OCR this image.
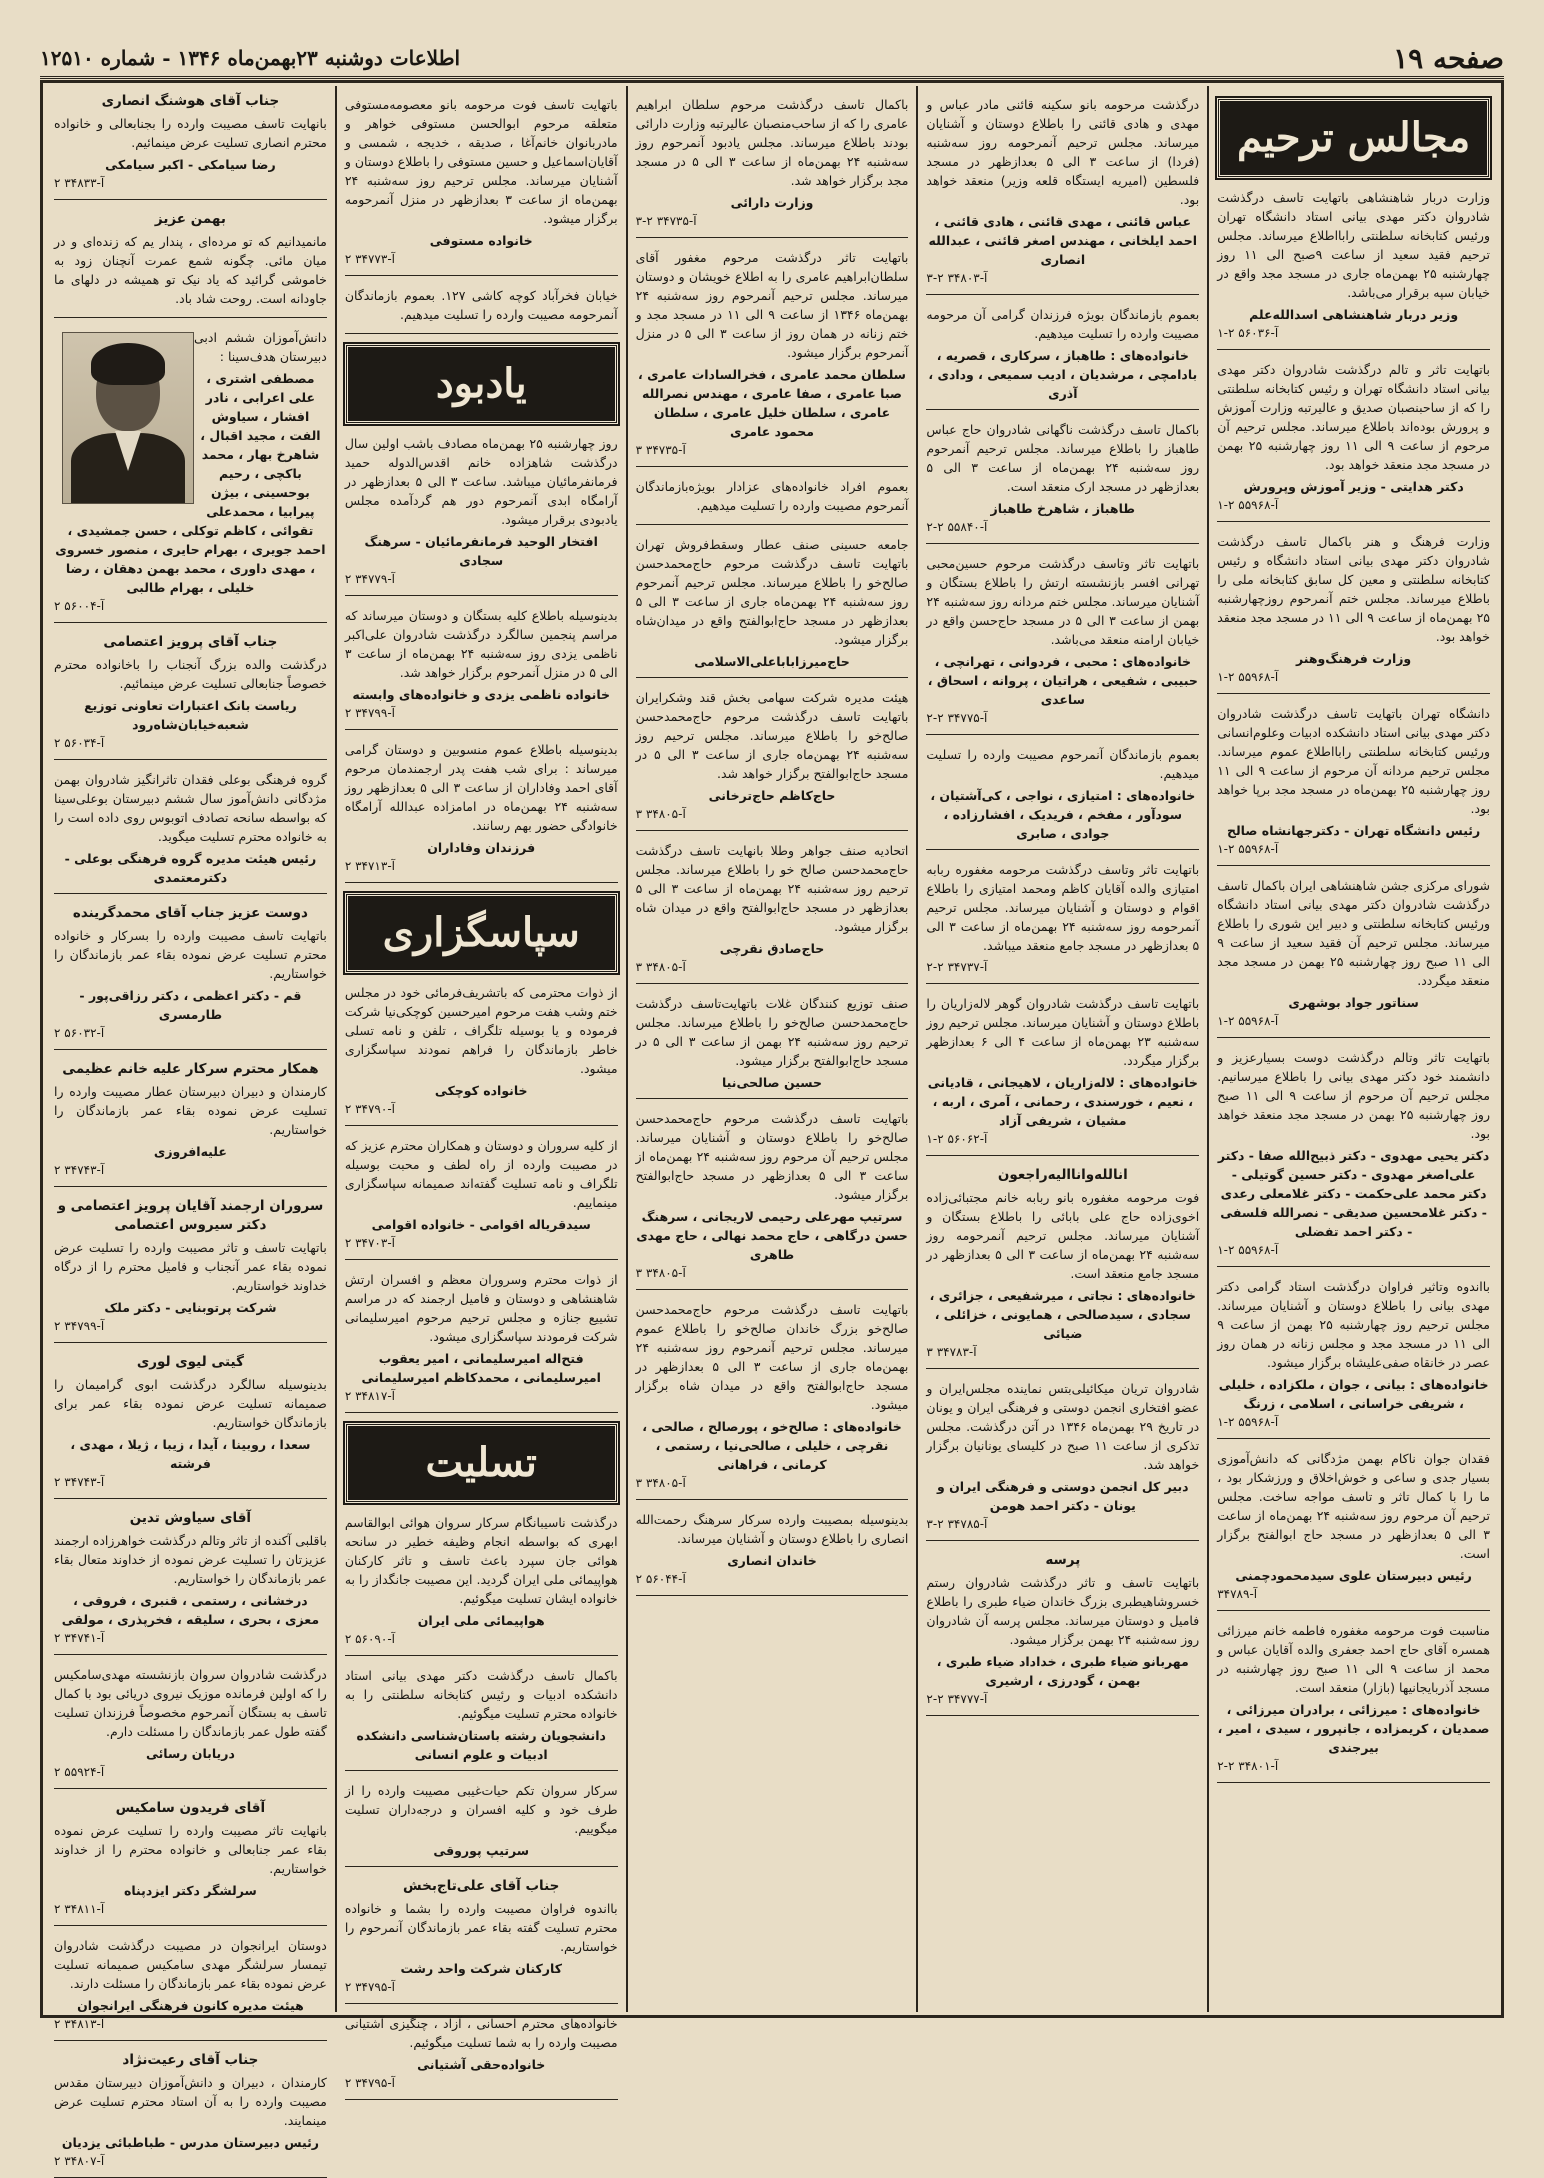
صفحه ۱۹
اطلاعات دوشنبه ۲۳بهمن‌ماه ۱۳۴۶ - شماره ۱۲۵۱۰
مجالس ترحیم
وزارت دربار شاهنشاهی باتهایت تاسف درگذشت شادروان دکتر مهدی بیانی استاد دانشگاه تهران ورئیس کتابخانه سلطنتی رابااطلاع میرساند. مجلس ترحیم فقید سعید از ساعت ۹صبح الی ۱۱ روز چهارشنبه ۲۵ بهمن‌ماه جاری در مسجد مجد واقع در خیابان سپه برقرار می‌باشد.
وزیر دربار شاهنشاهی اسدالله‌علم
آ-۵۶۰۳۶ ۲-۱
باتهایت تاثر و تالم درگذشت شادروان دکتر مهدی بیانی استاد دانشگاه تهران و رئیس کتابخانه سلطنتی را که از ساحبنصبان صدیق و عالیرتبه وزارت آموزش و پرورش بوده‌اند باطلاع میرساند. مجلس ترحیم آن مرحوم از ساعت ۹ الی ۱۱ روز چهارشنبه ۲۵ بهمن در مسجد مجد منعقد خواهد بود.
دکتر هدایتی - وزیر آموزش وپرورش
آ-۵۵۹۶۸ ۲-۱
وزارت فرهنگ و هنر باکمال تاسف درگذشت شادروان دکتر مهدی بیانی استاد دانشگاه و رئیس کتابخانه سلطنتی و معین کل سابق کتابخانه ملی را باطلاع میرساند. مجلس ختم آنمرحوم روزچهارشنبه ۲۵ بهمن‌ماه از ساعت ۹ الی ۱۱ در مسجد مجد منعقد خواهد بود.
وزارت فرهنگ‌وهنر
آ-۵۵۹۶۸ ۲-۱
دانشگاه تهران باتهایت تاسف درگذشت شادروان دکتر مهدی بیانی استاد دانشکده ادبیات وعلوم‌انسانی ورئیس کتابخانه سلطنتی رابااطلاع عموم میرساند. مجلس ترحیم مردانه آن مرحوم از ساعت ۹ الی ۱۱ روز چهارشنبه ۲۵ بهمن‌ماه در مسجد مجد برپا خواهد بود.
رئیس دانشگاه تهران - دکترجهانشاه صالح
آ-۵۵۹۶۸ ۲-۱
شورای مرکزی جشن شاهنشاهی ایران باکمال تاسف درگذشت شادروان دکتر مهدی بیانی استاد دانشگاه ورئیس کتابخانه سلطنتی و دبیر این شوری را باطلاع میرساند. مجلس ترحیم آن فقید سعید از ساعت ۹ الی ۱۱ صبح روز چهارشنبه ۲۵ بهمن در مسجد مجد منعقد میگردد.
سناتور جواد بوشهری
آ-۵۵۹۶۸ ۲-۱
باتهایت تاثر وتالم درگذشت دوست بسیارعزیز و دانشمند خود دکتر مهدی بیانی را باطلاع میرسانیم. مجلس ترحیم آن مرحوم از ساعت ۹ الی ۱۱ صبح روز چهارشنبه ۲۵ بهمن در مسجد مجد منعقد خواهد بود.
دکتر یحیی مهدوی - دکتر ذبیح‌الله صفا - دکتر علی‌اصغر مهدوی - دکتر حسین گوتیلی - دکتر محمد علی‌حکمت - دکتر غلامعلی رعدی - دکتر غلامحسین صدیقی - نصرالله فلسفی - دکتر احمد تفضلی
آ-۵۵۹۶۸ ۲-۱
بااندوه وتاثیر فراوان درگذشت استاد گرامی دکتر مهدی بیانی را باطلاع دوستان و آشنایان میرساند. مجلس ترحیم روز چهارشنبه ۲۵ بهمن از ساعت ۹ الی ۱۱ در مسجد مجد و مجلس زنانه در همان روز عصر در خانقاه صفی‌علیشاه برگزار میشود.
خانواده‌های : بیانی ، جوان ، ملکزاده ، خلیلی ، شریفی خراسانی ، اسلامی ، زرنگ
آ-۵۵۹۶۸ ۲-۱
فقدان جوان ناکام بهمن مژدگانی که دانش‌آموزی بسیار جدی و ساعی و خوش‌اخلاق و ورزشکار بود ، ما را با کمال تاثر و تاسف مواجه ساخت. مجلس ترحیم آن مرحوم روز سه‌شنبه ۲۴ بهمن‌ماه از ساعت ۳ الی ۵ بعدازظهر در مسجد حاج ابوالفتح برگزار است.
رئیس دبیرستان علوی سیدمحمودچمنی
آ-۳۴۷۸۹
مناسبت فوت مرحومه مغفوره فاطمه خانم میرزائی همسره آقای حاج احمد جعفری والده آقایان عباس و محمد از ساعت ۹ الی ۱۱ صبح روز چهارشنبه در مسجد آذربایجانیها (بازار) منعقد است.
خانواده‌های : میرزائی ، برادران میرزائی ، صمدیان ، کریمزاده ، جانپرور ، سیدی ، امیر ، بیرجندی
آ-۳۴۸۰۱ ۲-۲
درگذشت مرحومه بانو سکینه قائنی مادر عباس و مهدی و هادی قائنی را باطلاع دوستان و آشنایان میرساند. مجلس ترحیم آنمرحومه روز سه‌شنبه (فردا) از ساعت ۳ الی ۵ بعدازظهر در مسجد فلسطین (امیریه ایستگاه قلعه وزیر) منعقد خواهد بود.
عباس قائنی ، مهدی قائنی ، هادی قائنی ، احمد ایلخانی ، مهندس اصغر قائنی ، عبدالله انصاری
آ-۳۴۸۰۳ ۲-۳
بعموم بازماندگان بویژه فرزندان گرامی آن مرحومه مصیبت وارده را تسلیت میدهیم.
خانواده‌های : طاهباز ، سرکاری ، قصریه ، بادامچی ، مرشدیان ، ادیب سمیعی ، ودادی ، آذری
باکمال تاسف درگذشت ناگهانی شادروان حاج عباس طاهباز را باطلاع میرساند. مجلس ترحیم آنمرحوم روز سه‌شنبه ۲۴ بهمن‌ماه از ساعت ۳ الی ۵ بعدازظهر در مسجد ارک منعقد است.
طاهباز ، شاهرخ طاهباز
آ-۵۵۸۴۰ ۲-۲
باتهایت تاثر وتاسف درگذشت مرحوم حسین‌محبی تهرانی افسر بازنشسته ارتش را باطلاع بستگان و آشنایان میرساند. مجلس ختم مردانه روز سه‌شنبه ۲۴ بهمن از ساعت ۳ الی ۵ در مسجد حاج‌حسن واقع در خیابان ارامنه منعقد می‌باشد.
خانواده‌های : محبی ، فردوانی ، تهرانچی ، حبیبی ، شفیعی ، هراتیان ، پروانه ، اسحاق ، ساعدی
آ-۳۴۷۷۵ ۲-۲
بعموم بازماندگان آنمرحوم مصیبت وارده را تسلیت میدهیم.
خانواده‌های : امتیازی ، نواجی ، کی‌آشتیان ، سودآور ، مفخم ، فریدیک ، افشارزاده ، جوادی ، صابری
باتهایت تاثر وتاسف درگذشت مرحومه مغفوره ربابه امتیازی والده آقایان کاظم ومحمد امتیازی را باطلاع اقوام و دوستان و آشنایان میرساند. مجلس ترحیم آنمرحومه روز سه‌شنبه ۲۴ بهمن‌ماه از ساعت ۳ الی ۵ بعدازظهر در مسجد جامع منعقد میباشد.
آ-۳۴۷۳۷ ۲-۲
باتهایت تاسف درگذشت شادروان گوهر لاله‌زاریان را باطلاع دوستان و آشنایان میرساند. مجلس ترحیم روز سه‌شنبه ۲۳ بهمن‌ماه از ساعت ۴ الی ۶ بعدازظهر برگزار میگردد.
خانواده‌های : لاله‌زاریان ، لاهیجانی ، قادیانی ، نعیم ، خورسندی ، رحمانی ، آمری ، اربه ، مشیان ، شریفی آزاد
آ-۵۶۰۶۲ ۲-۱
انالله‌وانا‌الیه‌راجعون
فوت مرحومه مغفوره بانو ربابه خانم مجتبائی‌زاده اخوی‌زاده حاج علی بابائی را باطلاع بستگان و آشنایان میرساند. مجلس ترحیم آنمرحومه روز سه‌شنبه ۲۴ بهمن‌ماه از ساعت ۳ الی ۵ بعدازظهر در مسجد جامع منعقد است.
خانواده‌های : نجاتی ، میرشفیعی ، جزائری ، سجادی ، سیدصالحی ، همایونی ، خزائلی ، ضیائی
آ-۳۴۷۸۳ ۳
شادروان تریان میکائیلی‌بتس نماینده مجلس‌ایران و عضو افتخاری انجمن دوستی و فرهنگی ایران و یونان در تاریخ ۲۹ بهمن‌ماه ۱۳۴۶ در آتن درگذشت. مجلس تذکری از ساعت ۱۱ صبح در کلیسای یونانیان برگزار خواهد شد.
دبیر کل انجمن دوستی و فرهنگی ایران و یونان - دکتر احمد هومن
آ-۳۴۷۸۵ ۲-۳
پرسه
باتهایت تاسف و تاثر درگذشت شادروان رستم خسروشاهیطبری بزرگ خاندان ضیاء طبری را باطلاع فامیل و دوستان میرساند. مجلس پرسه آن شادروان روز سه‌شنبه ۲۴ بهمن برگزار میشود.
مهربانو ضیاء طبری ، خداداد ضیاء طبری ، بهمن ، گودرزی ، ارشیری
آ-۳۴۷۷۷ ۲-۲
باکمال تاسف درگذشت مرحوم سلطان ابراهیم عامری را که از ساحب‌منصبان عالیرتبه وزارت دارائی بودند باطلاع میرساند. مجلس یادبود آنمرحوم روز سه‌شنبه ۲۴ بهمن‌ماه از ساعت ۳ الی ۵ در مسجد مجد برگزار خواهد شد.
وزارت دارائی
آ-۳۴۷۳۵ ۲-۳
باتهایت تاثر درگذشت مرحوم مغفور آقای سلطان‌ابراهیم عامری را به اطلاع خویشان و دوستان میرساند. مجلس ترحیم آنمرحوم روز سه‌شنبه ۲۴ بهمن‌ماه ۱۳۴۶ از ساعت ۹ الی ۱۱ در مسجد مجد و ختم زنانه در همان روز از ساعت ۳ الی ۵ در منزل آنمرحوم برگزار میشود.
سلطان محمد عامری ، فخرالسادات عامری ، صبا عامری ، صفا عامری ، مهندس نصرالله عامری ، سلطان خلیل عامری ، سلطان محمود عامری
آ-۳۴۷۳۵ ۳
بعموم افراد خانواده‌های عزادار بویژه‌بازماندگان آنمرحوم مصیبت وارده را تسلیت میدهیم.
جامعه حسینی صنف عطار وسقط‌فروش تهران باتهایت تاسف درگذشت مرحوم حاج‌محمدحسن صالح‌خو را باطلاع میرساند. مجلس ترحیم آنمرحوم روز سه‌شنبه ۲۴ بهمن‌ماه جاری از ساعت ۳ الی ۵ بعدازظهر در مسجد حاج‌ابوالفتح واقع در میدان‌شاه برگزار میشود.
حاج‌میرزاباباعلی‌الاسلامی
هیئت مدیره شرکت سهامی بخش قند وشکرایران باتهایت تاسف درگذشت مرحوم حاج‌محمدحسن صالح‌خو را باطلاع میرساند. مجلس ترحیم روز سه‌شنبه ۲۴ بهمن‌ماه جاری از ساعت ۳ الی ۵ در مسجد حاج‌ابوالفتح برگزار خواهد شد.
حاج‌کاظم حاج‌ترخانی
آ-۳۴۸۰۵ ۳
اتحادیه صنف جواهر وطلا بانهایت تاسف درگذشت حاج‌محمدحسن صالح خو را باطلاع میرساند. مجلس ترحیم روز سه‌شنبه ۲۴ بهمن‌ماه از ساعت ۳ الی ۵ بعدازظهر در مسجد حاج‌ابوالفتح واقع در میدان شاه برگزار میشود.
حاج‌صادق نقرچی
آ-۳۴۸۰۵ ۳
صنف توزیع کنندگان غلات باتهایت‌تاسف درگذشت حاج‌محمدحسن صالح‌خو را باطلاع میرساند. مجلس ترحیم روز سه‌شنبه ۲۴ بهمن از ساعت ۳ الی ۵ در مسجد حاج‌ابوالفتح برگزار میشود.
حسین صالحی‌نیا
باتهایت تاسف درگذشت مرحوم حاج‌محمدحسن صالح‌خو را باطلاع دوستان و آشنایان میرساند. مجلس ترحیم آن مرحوم روز سه‌شنبه ۲۴ بهمن‌ماه از ساعت ۳ الی ۵ بعدازظهر در مسجد حاج‌ابوالفتح برگزار میشود.
سرتیپ مهرعلی رحیمی لاریجانی ، سرهنگ حسن درگاهی ، حاج محمد نهالی ، حاج مهدی طاهری
آ-۳۴۸۰۵ ۳
باتهایت تاسف درگذشت مرحوم حاج‌محمدحسن صالح‌خو بزرگ خاندان صالح‌خو را باطلاع عموم میرساند. مجلس ترحیم آنمرحوم روز سه‌شنبه ۲۴ بهمن‌ماه جاری از ساعت ۳ الی ۵ بعدازظهر در مسجد حاج‌ابوالفتح واقع در میدان شاه برگزار میشود.
خانواده‌های : صالح‌خو ، پورصالح ، صالحی ، نقرچی ، خلیلی ، صالحی‌نیا ، رستمی ، کرمانی ، فراهانی
آ-۳۴۸۰۵ ۳
بدینوسیله بمصیبت وارده سرکار سرهنگ رحمت‌الله انصاری را باطلاع دوستان و آشنایان میرساند.
خاندان انصاری
آ-۵۶۰۴۴ ۲
باتهایت تاسف فوت مرحومه بانو معصومه‌مستوفی متعلقه مرحوم ابوالحسن مستوفی خواهر و مادربانوان خانم‌آغا ، صدیقه ، خدیجه ، شمسی و آقایان‌اسماعیل و حسین مستوفی را باطلاع دوستان و آشنایان میرساند. مجلس ترحیم روز سه‌شنبه ۲۴ بهمن‌ماه از ساعت ۳ بعدازظهر در منزل آنمرحومه برگزار میشود.
خانواده مستوفی
آ-۳۴۷۷۳ ۲
خیابان فخرآباد کوچه کاشی ۱۲۷. بعموم بازماندگان آنمرحومه مصیبت وارده را تسلیت میدهیم.
یادبود
روز چهارشنبه ۲۵ بهمن‌ماه مصادف باشب اولین سال درگذشت شاهزاده خانم اقدس‌الدوله حمید فرمانفرمائیان میباشد. ساعت ۳ الی ۵ بعدازظهر در آرامگاه ابدی آنمرحوم دور هم گردآمده مجلس یادبودی برقرار میشود.
افتخار الوحید فرمانفرمائیان - سرهنگ سجادی
آ-۳۴۷۷۹ ۲
بدینوسیله باطلاع کلیه بستگان و دوستان میرساند که مراسم پنجمین سالگرد درگذشت شادروان علی‌اکبر ناظمی یزدی روز سه‌شنبه ۲۴ بهمن‌ماه از ساعت ۳ الی ۵ در منزل آنمرحوم برگزار خواهد شد.
خانواده ناظمی یزدی و خانواده‌های وابسته
آ-۳۴۷۹۹ ۲
بدینوسیله باطلاع عموم منسوبین و دوستان گرامی میرساند : برای شب هفت پدر ارجمندمان مرحوم آقای احمد وفاداران از ساعت ۳ الی ۵ بعدازظهر روز سه‌شنبه ۲۴ بهمن‌ماه در امامزاده عبدالله آرامگاه خانوادگی حضور بهم رسانند.
فرزندان وفاداران
آ-۳۴۷۱۳ ۲
سپاسگزاری
از ذوات محترمی که باتشریف‌فرمائی خود در مجلس ختم وشب هفت مرحوم امیرحسین کوچکی‌نیا شرکت فرموده و یا بوسیله تلگراف ، تلفن و نامه تسلی خاطر بازماندگان را فراهم نمودند سپاسگزاری میشود.
خانواده کوچکی
آ-۳۴۷۹۰ ۲
از کلیه سروران و دوستان و همکاران محترم عزیز که در مصیبت وارده از راه لطف و محبت بوسیله تلگراف و نامه تسلیت گفته‌اند صمیمانه سپاسگزاری مینماییم.
سیدقریاله اقوامی - خانواده اقوامی
آ-۳۴۷۰۳ ۲
از ذوات محترم وسروران معظم و افسران ارتش شاهنشاهی و دوستان و فامیل ارجمند که در مراسم تشییع جنازه و مجلس ترحیم مرحوم امیرسلیمانی شرکت فرمودند سپاسگزاری میشود.
فتح‌اله امیرسلیمانی ، امیر یعقوب امیرسلیمانی ، محمدکاظم امیرسلیمانی
آ-۳۴۸۱۷ ۲
تسلیت
درگذشت ناسیبانگام سرکار سروان هوائی ابوالقاسم ابهری که بواسطه انجام وظیفه خطیر در سانحه هوائی جان سپرد باعث تاسف و تاثر کارکنان هواپیمائی ملی ایران گردید. این مصیبت جانگداز را به خانواده ایشان تسلیت میگوئیم.
هواپیمائی ملی ایران
آ-۵۶۰۹۰ ۲
باکمال تاسف درگذشت دکتر مهدی بیانی استاد دانشکده ادبیات و رئیس کتابخانه سلطنتی را به خانواده محترم تسلیت میگوئیم.
دانشجویان رشته باستان‌شناسی دانشکده ادبیات و علوم انسانی
سرکار سروان تکم حیات‌غیبی مصیبت وارده را از طرف خود و کلیه افسران و درجه‌داران تسلیت میگوییم.
سرتیپ پوروقی
جناب آقای علی‌تاج‌بخش
بااندوه فراوان مصیبت وارده را بشما و خانواده محترم تسلیت گفته بقاء عمر بازماندگان آنمرحوم را خواستاریم.
کارکنان شرکت واحد رشت
آ-۳۴۷۹۵ ۲
خانواده‌های محترم احسانی ، آزاد ، چنگیزی آشتیانی مصیبت وارده را به شما تسلیت میگوئیم.
خانواده‌حقی آشتیانی
آ-۳۴۷۹۵ ۲
جناب آقای هوشنگ انصاری
بانهایت تاسف مصیبت وارده را بجنابعالی و خانواده محترم انصاری تسلیت عرض مینمائیم.
رضا سیامکی - اکبر سیامکی
آ-۳۴۸۳۳ ۲
بهمن عزیز
مانمیدانیم که تو مرده‌ای ، پندار یم که زنده‌ای و در میان مائی. چگونه شمع عمرت آنچنان زود به خاموشی گرائید که یاد نیک تو همیشه در دلهای ما جاودانه است. روحت شاد باد.
دانش‌آموزان ششم ادبی دبیرستان هدف‌سینا :
مصطفی اشتری ، علی اعرابی ، نادر افشار ، سیاوش الفت ، مجید اقبال ، شاهرخ بهار ، محمد باکچی ، رحیم بوحسینی ، بیژن پیرابیا ، محمدعلی تقوائی ، کاظم توکلی ، حسن جمشیدی ، احمد جویری ، بهرام حایری ، منصور خسروی ، مهدی داوری ، محمد بهمن دهقان ، رضا خلیلی ، بهرام طالبی
آ-۵۶۰۰۴ ۲
جناب آقای پرویز اعتصامی
درگذشت والده بزرگ آنجناب را باخانواده محترم خصوصاً جنابعالی تسلیت عرض مینمائیم.
ریاست بانک اعتبارات تعاونی توزیع شعبه‌خیابان‌شاه‌رود
آ-۵۶۰۳۴ ۲
گروه فرهنگی بوعلی فقدان تاثرانگیز شادروان بهمن مژدگانی دانش‌آموز سال ششم دبیرستان بوعلی‌سینا که بواسطه سانحه تصادف اتوبوس روی داده است را به خانواده محترم تسلیت میگوید.
رئیس هیئت مدیره گروه فرهنگی بوعلی - دکترمعتمدی
دوست عزیز جناب آقای محمدگرینده
باتهایت تاسف مصیبت وارده را بسرکار و خانواده محترم تسلیت عرض نموده بقاء عمر بازماندگان را خواستاریم.
قم - دکتر اعظمی ، دکتر رزاقی‌پور - طارمسری
آ-۵۶۰۳۲ ۲
همکار محترم سرکار علیه خانم عظیمی
کارمندان و دبیران دبیرستان عطار مصیبت وارده را تسلیت عرض نموده بقاء عمر بازماندگان را خواستاریم.
علیه‌افروزی
آ-۳۴۷۴۳ ۲
سروران ارجمند آقایان پرویز اعتصامی و دکتر سیروس اعتصامی
باتهایت تاسف و تاثر مصیبت وارده را تسلیت عرض نموده بقاء عمر آنجناب و فامیل محترم را از درگاه خداوند خواستاریم.
شرکت پرتوبنایی - دکتر ملک
آ-۳۴۷۹۹ ۲
گیتی لیوی لوری
بدینوسیله سالگرد درگذشت ابوی گرامیمان را صمیمانه تسلیت عرض نموده بقاء عمر برای بازماندگان خواستاریم.
سعدا ، روبینا ، آیدا ، زیبا ، ژیلا ، مهدی ، فرشته
آ-۳۴۷۴۳ ۲
آقای سیاوش تدین
باقلبی آکنده از تاثر وتالم درگذشت خواهرزاده ارجمند عزیزتان را تسلیت عرض نموده از خداوند متعال بقاء عمر بازماندگان را خواستاریم.
درخشانی ، رستمی ، قنبری ، فروقی ، معزی ، بحری ، سلیقه ، فخرپذری ، مولقی
آ-۳۴۷۴۱ ۲
درگذشت شادروان سروان بازنشسته مهدی‌سامکیس را که اولین فرمانده موزیک نیروی دریائی بود با کمال تاسف به بستگان آنمرحوم مخصوصاً فرزندان تسلیت گفته طول عمر بازماندگان را مسئلت دارم.
دریابان رسائی
آ-۵۵۹۲۴ ۲
آقای فریدون سامکیس
بانهایت تاثر مصیبت وارده را تسلیت عرض نموده بقاء عمر جنابعالی و خانواده محترم را از خداوند خواستاریم.
سرلشگر دکتر ایزدپناه
آ-۳۴۸۱۱ ۲
دوستان ایرانجوان در مصیبت درگذشت شادروان تیمسار سرلشگر مهدی سامکیس صمیمانه تسلیت عرض نموده بقاء عمر بازماندگان را مسئلت دارند.
هیئت مدیره کانون فرهنگی ایرانجوان
آ-۳۴۸۱۳ ۲
جناب آقای رعیت‌نژاد
کارمندان ، دبیران و دانش‌آموزان دبیرستان مقدس مصیبت وارده را به آن استاد محترم تسلیت عرض مینمایند.
رئیس دبیرستان مدرس - طباطبائی یزدیان
آ-۳۴۸۰۷ ۲
